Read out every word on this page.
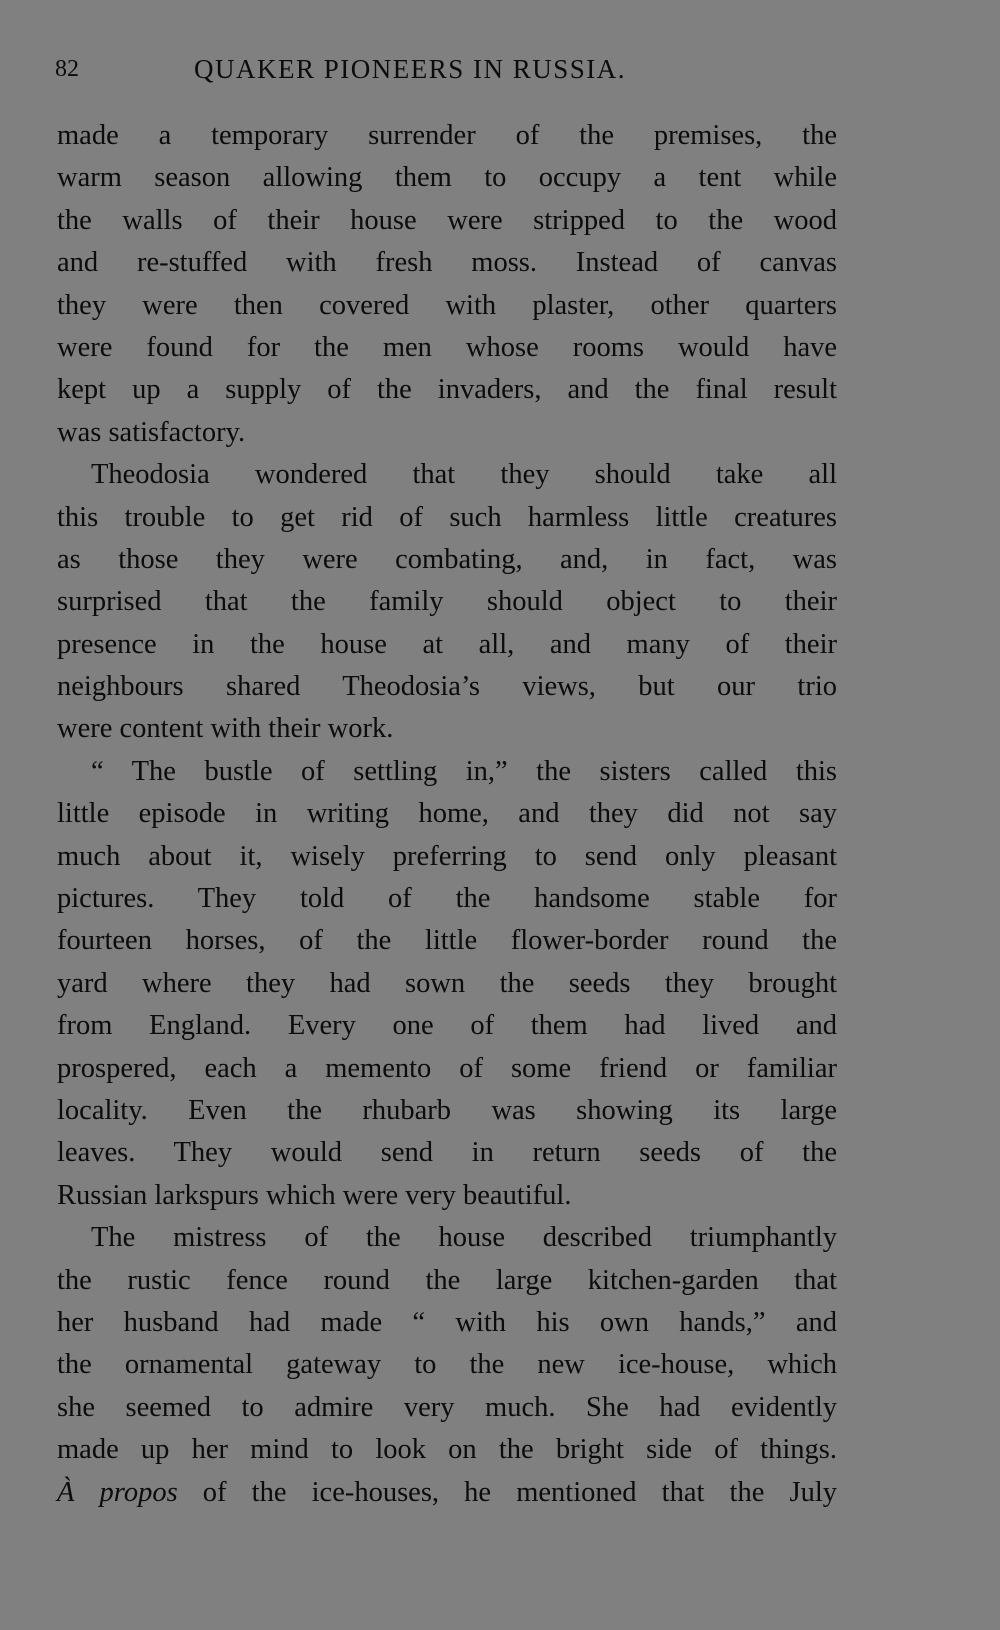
82	QUAKER PIONEERS IN RUSSIA.
made a temporary surrender of the premises, the
warm season allowing them to occupy a tent while
the walls of their house were stripped to the wood
and re-stuffed with fresh moss. Instead of canvas
they were then covered with plaster, other quarters
were found for the men whose rooms would have
kept up a supply of the invaders, and the final result
was satisfactory.
Theodosia wondered that they should take all
this trouble to get rid of such harmless little creatures
as those they were combating, and, in fact, was
surprised that the family should object to their
presence in the house at all, and many of their
neighbours shared Theodosia’s views, but our trio
were content with their work.
“ The bustle of settling in,” the sisters called this
little episode in writing home, and they did not say
much about it, wisely preferring to send only pleasant
pictures. They told of the handsome stable for
fourteen horses, of the little flower-border round the
yard where they had sown the seeds they brought
from England. Every one of them had lived and
prospered, each a memento of some friend or familiar
locality. Even the rhubarb was showing its large
leaves. They would send in return seeds of the
Russian larkspurs which were very beautiful.
The mistress of the house described triumphantly
the rustic fence round the large kitchen-garden that
her husband had made “ with his own hands,” and
the ornamental gateway to the new ice-house, which
she seemed to admire very much. She had evidently
made up her mind to look on the bright side of things.
À propos of the ice-houses, he mentioned that the July
